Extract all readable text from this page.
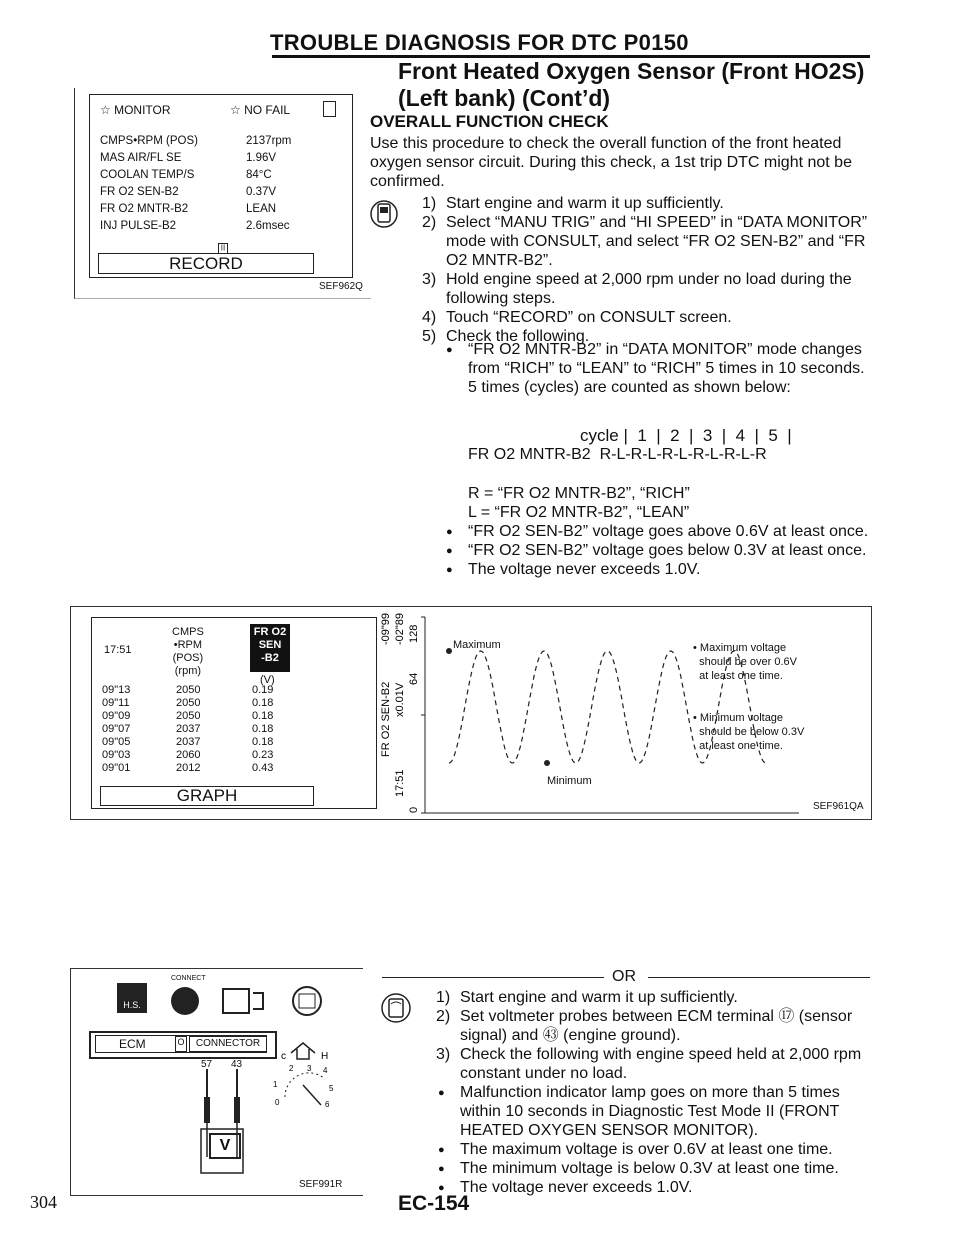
TROUBLE DIAGNOSIS FOR DTC P0150
Front Heated Oxygen Sensor (Front HO2S)
(Left bank) (Cont’d)
☆ MONITOR	☆ NO FAIL
CMPS•RPM (POS)	2137rpm
MAS AIR/FL SE	1.96V
COOLAN TEMP/S	84°C
FR O2 SEN-B2	0.37V
FR O2 MNTR-B2	LEAN
INJ PULSE-B2	2.6msec
|||
RECORD
SEF962Q
OVERALL FUNCTION CHECK
Use this procedure to check the overall function of the front heated oxygen sensor circuit. During this check, a 1st trip DTC might not be confirmed.
1) Start engine and warm it up sufficiently.
2) Select “MANU TRIG” and “HI SPEED” in “DATA MONITOR” mode with CONSULT, and select “FR O2 SEN-B2” and “FR O2 MNTR-B2”.
3) Hold engine speed at 2,000 rpm under no load during the following steps.
4) Touch “RECORD” on CONSULT screen.
5) Check the following.
● “FR O2 MNTR-B2” in “DATA MONITOR” mode changes from “RICH” to “LEAN” to “RICH” 5 times in 10 seconds.
5 times (cycles) are counted as shown below:
cycle |  1  |  2  |  3  |  4  |  5  |
FR O2 MNTR-B2  R-L-R-L-R-L-R-L-R-L-R
R = “FR O2 MNTR-B2”, “RICH”
L = “FR O2 MNTR-B2”, “LEAN”
● “FR O2 SEN-B2” voltage goes above 0.6V at least once.
● “FR O2 SEN-B2” voltage goes below 0.3V at least once.
● The voltage never exceeds 1.0V.
17:51
CMPS
•RPM
(POS)
(rpm)
FR O2
SEN
-B2
(V)
09"13	2050	0.19
09"11	2050	0.18
09"09	2050	0.18
09"07	2037	0.18
09"05	2037	0.18
09"03	2060	0.23
09"01	2012	0.43
GRAPH
-09"99 -02"89 128
FR O2 SEN-B2 x0.01V
64
17:51
0
Maximum
Minimum
• Maximum voltage
should be over 0.6V
at least one time.
• Minimum voltage
should be below 0.3V
at least one time.
SEF961QA
OR
1) Start engine and warm it up sufficiently.
2) Set voltmeter probes between ECM terminal ⑰ (sensor signal) and ㊸ (engine ground).
3) Check the following with engine speed held at 2,000 rpm constant under no load.
● Malfunction indicator lamp goes on more than 5 times within 10 seconds in Diagnostic Test Mode II (FRONT HEATED OXYGEN SENSOR MONITOR).
● The maximum voltage is over 0.6V at least one time.
● The minimum voltage is below 0.3V at least one time.
● The voltage never exceeds 1.0V.
H.S.
CONNECT
ECM	O	CONNECTOR
57 43
V
c	H
1
2 3 4
5
6
0
SEF991R
304	EC-154
